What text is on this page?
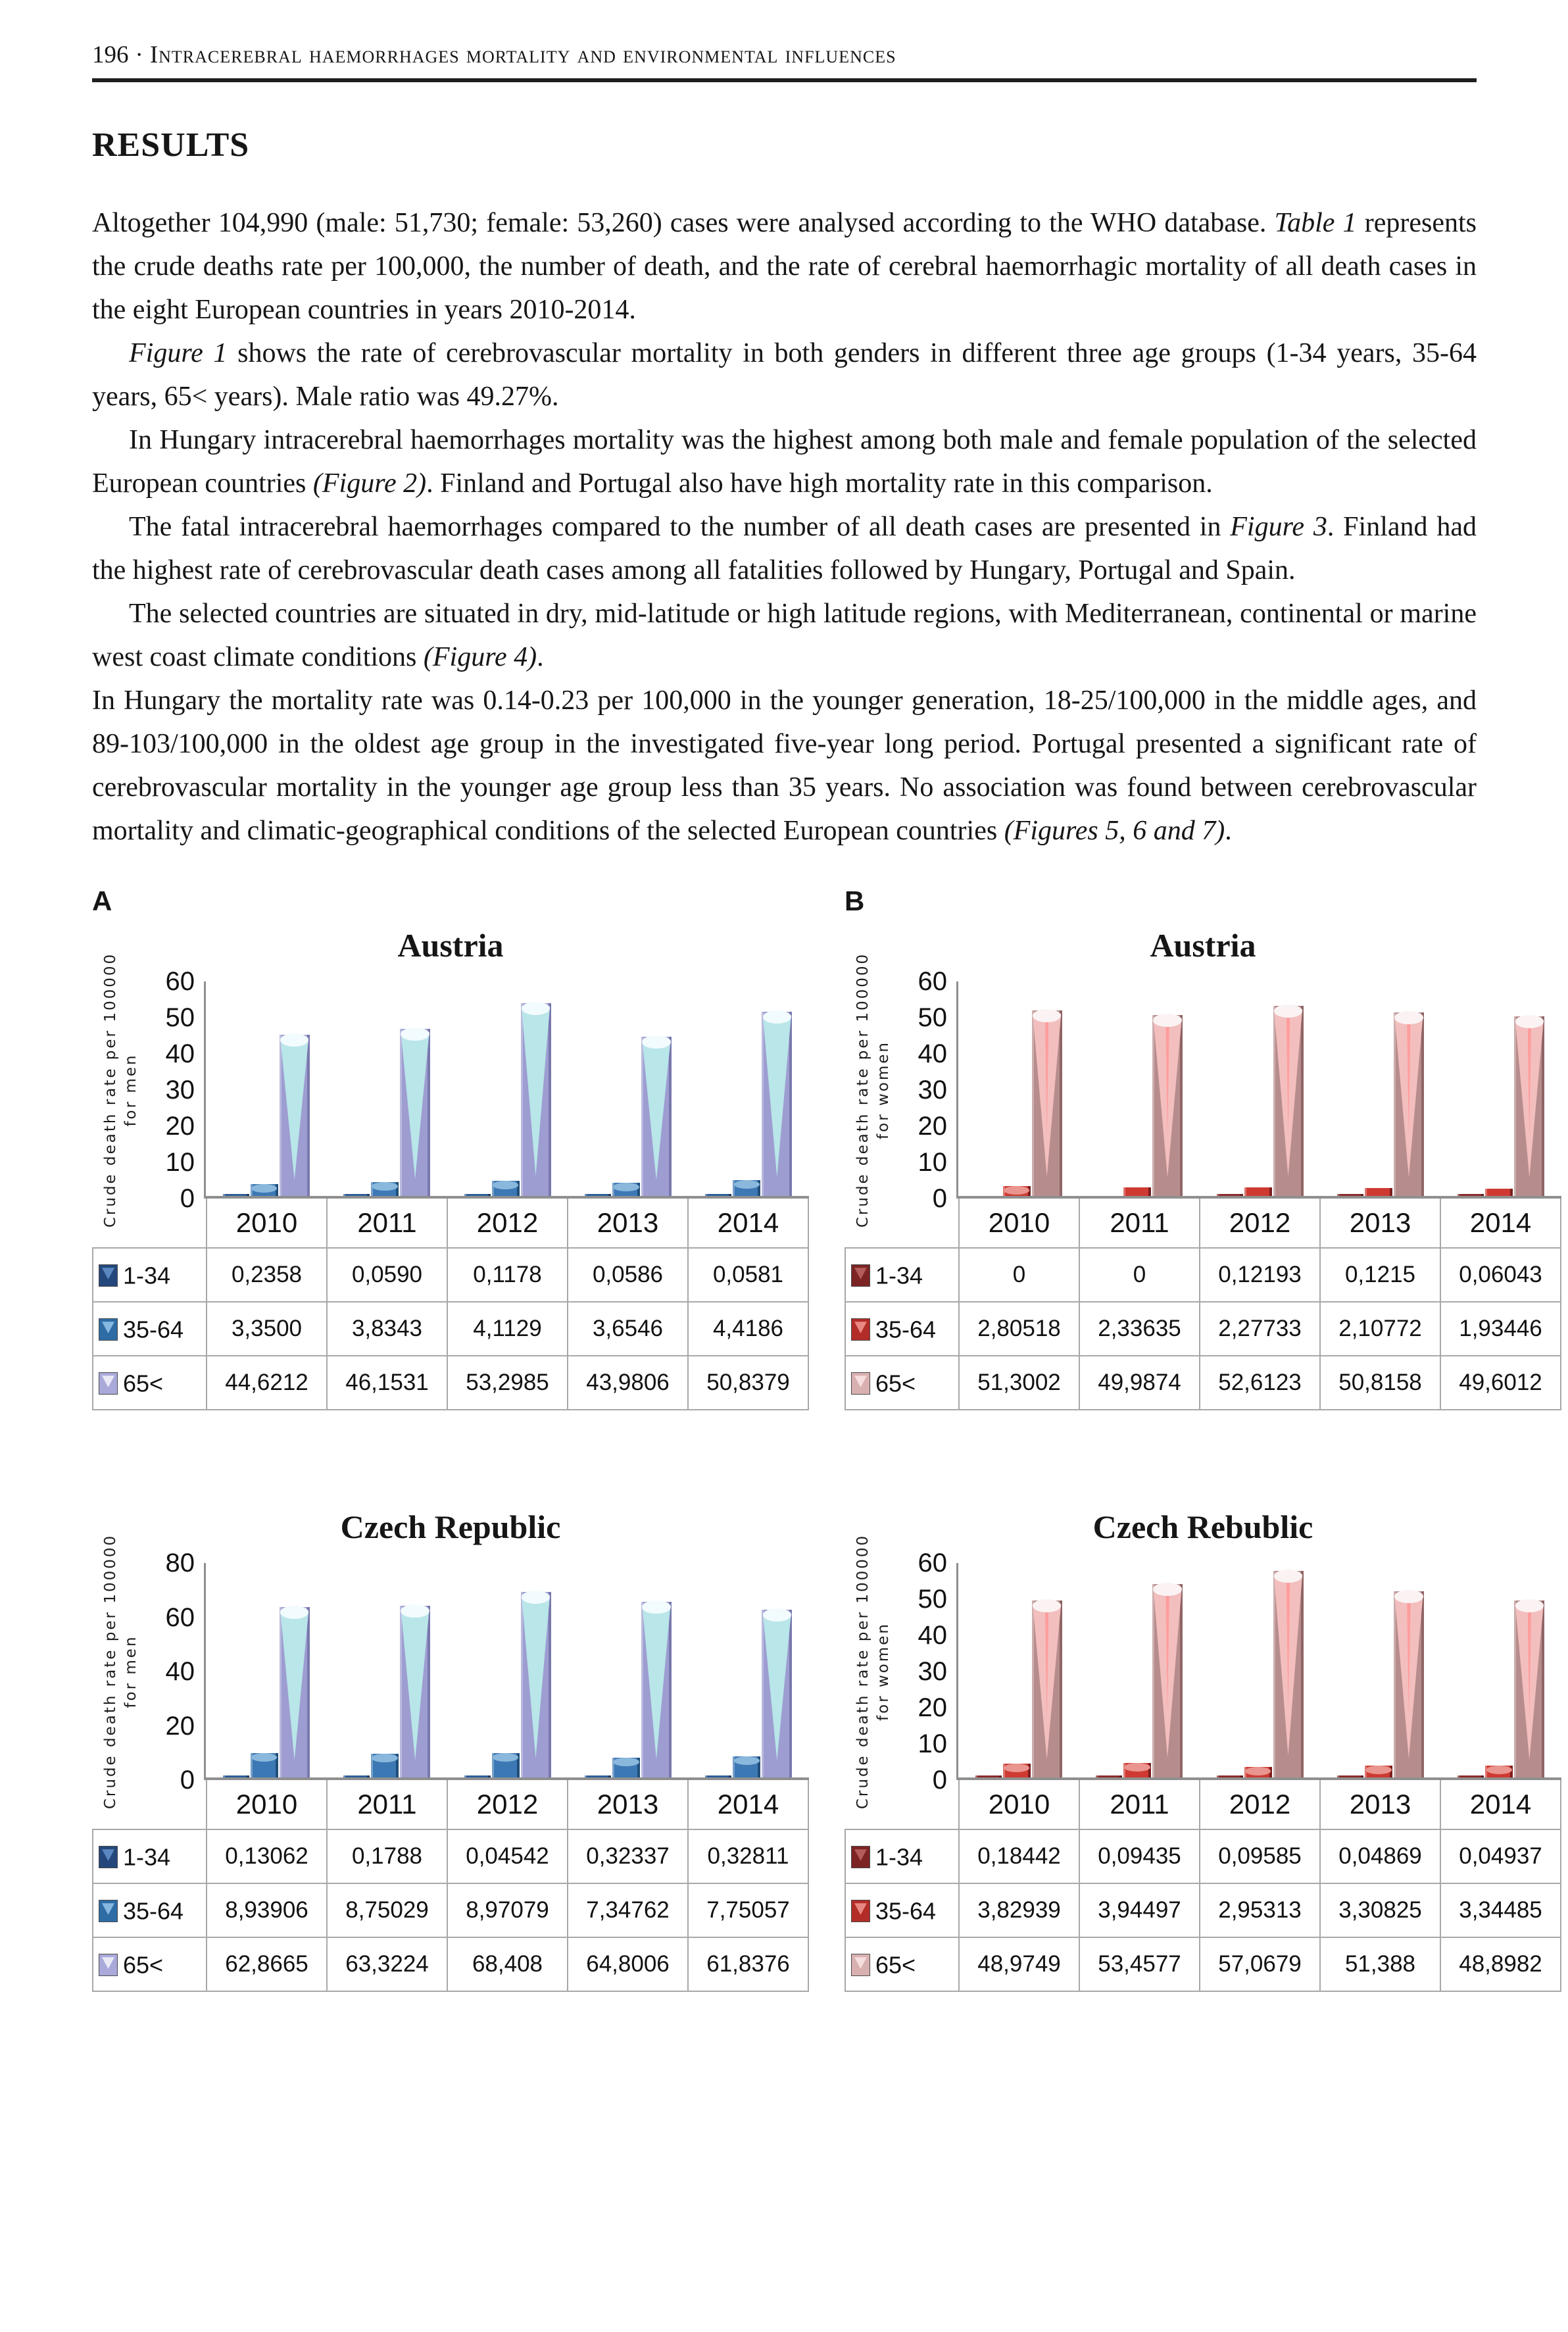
196 · Intracerebral haemorrhages mortality and environmental influences
RESULTS

Altogether 104,990 (male: 51,730; female: 53,260) cases were analysed according to the WHO database. Table 1 represents the crude deaths rate per 100,000, the number of death, and the rate of cerebral haemorrhagic mortality of all death cases in the eight European countries in years 2010-2014.

Figure 1 shows the rate of cerebrovascular mortality in both genders in different three age groups (1-34 years, 35-64 years, 65< years). Male ratio was 49.27%.

In Hungary intracerebral haemorrhages mortality was the highest among both male and female population of the selected European countries (Figure 2). Finland and Portugal also have high mortality rate in this comparison.

The fatal intracerebral haemorrhages compared to the number of all death cases are presented in Figure 3. Finland had the highest rate of cerebrovascular death cases among all fatalities followed by Hungary, Portugal and Spain.

The selected countries are situated in dry, mid-latitude or high latitude regions, with Mediterranean, continental or marine west coast climate conditions (Figure 4).

In Hungary the mortality rate was 0.14-0.23 per 100,000 in the younger generation, 18-25/100,000 in the middle ages, and 89-103/100,000 in the oldest age group in the investigated five-year long period. Portugal presented a significant rate of cerebrovascular mortality in the younger age group less than 35 years. No association was found between cerebrovascular mortality and climatic-geographical conditions of the selected European countries (Figures 5, 6 and 7).

A
Austria
Crude death rate per 100000 for men
60
50
40
30
20
10
0
	2010	2011	2012	2013	2014

1-34	0,2358	0,0590	0,1178	0,0586	0,0581

35-64	3,3500	3,8343	4,1129	3,6546	4,4186

65<	44,6212	46,1531	53,2985	43,9806	50,8379
Czech Republic
Crude death rate per 100000 for men
80
60
40
20
0
	2010	2011	2012	2013	2014

1-34	0,13062	0,1788	0,04542	0,32337	0,32811

35-64	8,93906	8,75029	8,97079	7,34762	7,75057

65<	62,8665	63,3224	68,408	64,8006	61,8376
B
Austria
Crude death rate per 100000 for women
60
50
40
30
20
10
0
	2010	2011	2012	2013	2014

1-34	0	0	0,12193	0,1215	0,06043

35-64	2,80518	2,33635	2,27733	2,10772	1,93446

65<	51,3002	49,9874	52,6123	50,8158	49,6012
Czech Rebublic
Crude death rate per 100000 for women
60
50
40
30
20
10
0
	2010	2011	2012	2013	2014

1-34	0,18442	0,09435	0,09585	0,04869	0,04937

35-64	3,82939	3,94497	2,95313	3,30825	3,34485

65<	48,9749	53,4577	57,0679	51,388	48,8982
